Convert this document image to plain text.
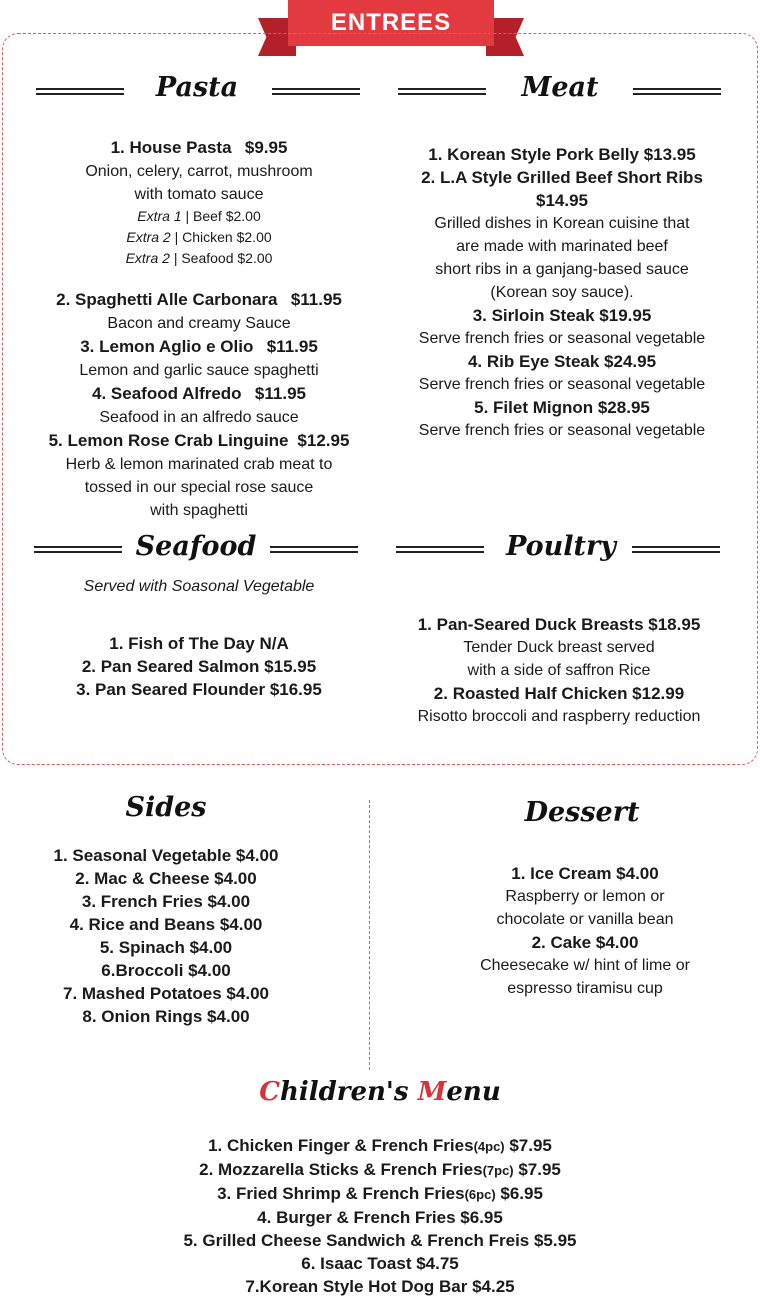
ENTREES
Pasta	Meat
1. House Pasta $9.95
Onion, celery, carrot, mushroom
with tomato sauce
Extra 1 | Beef $2.00
Extra 2 | Chicken $2.00
Extra 2 | Seafood $2.00
2. Spaghetti Alle Carbonara $11.95
Bacon and creamy Sauce
3. Lemon Aglio e Olio $11.95
Lemon and garlic sauce spaghetti
4. Seafood Alfredo $11.95
Seafood in an alfredo sauce
5. Lemon Rose Crab Linguine $12.95
Herb & lemon marinated crab meat to
tossed in our special rose sauce
with spaghetti
1. Korean Style Pork Belly $13.95
2. L.A Style Grilled Beef Short Ribs
$14.95
Grilled dishes in Korean cuisine that
are made with marinated beef
short ribs in a ganjang-based sauce
(Korean soy sauce).
3. Sirloin Steak $19.95
Serve french fries or seasonal vegetable
4. Rib Eye Steak $24.95
Serve french fries or seasonal vegetable
5. Filet Mignon $28.95
Serve french fries or seasonal vegetable
Seafood	Poultry
Served with Soasonal Vegetable
1. Fish of The Day N/A
2. Pan Seared Salmon $15.95
3. Pan Seared Flounder $16.95
1. Pan-Seared Duck Breasts $18.95
Tender Duck breast served
with a side of saffron Rice
2. Roasted Half Chicken $12.99
Risotto broccoli and raspberry reduction
Sides
1. Seasonal Vegetable $4.00
2. Mac & Cheese $4.00
3. French Fries $4.00
4. Rice and Beans $4.00
5. Spinach $4.00
6.Broccoli $4.00
7. Mashed Potatoes $4.00
8. Onion Rings $4.00
Dessert
1. Ice Cream $4.00
Raspberry or lemon or
chocolate or vanilla bean
2. Cake $4.00
Cheesecake w/ hint of lime or
espresso tiramisu cup
Children's Menu
1. Chicken Finger & French Fries(4pc) $7.95
2. Mozzarella Sticks & French Fries(7pc) $7.95
3. Fried Shrimp & French Fries(6pc) $6.95
4. Burger & French Fries $6.95
5. Grilled Cheese Sandwich & French Freis $5.95
6. Isaac Toast $4.75
7.Korean Style Hot Dog Bar $4.25
